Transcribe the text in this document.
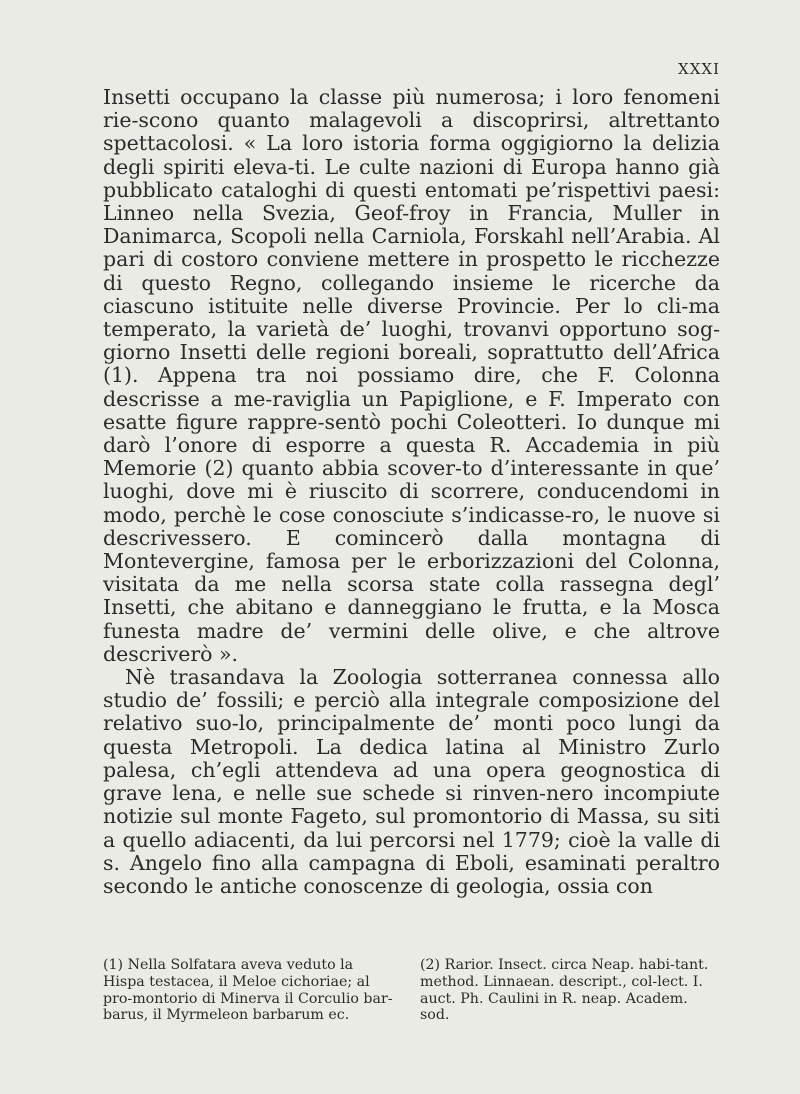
XXXI

Insetti occupano la classe più numerosa; i loro fenomeni rie-scono quanto malagevoli a discoprirsi, altrettanto spettacolosi. « La loro istoria forma oggigiorno la delizia degli spiriti eleva-ti. Le culte nazioni di Europa hanno già pubblicato cataloghi di questi entomati pe’rispettivi paesi: Linneo nella Svezia, Geof-froy in Francia, Muller in Danimarca, Scopoli nella Carniola, Forskahl nell’Arabia. Al pari di costoro conviene mettere in prospetto le ricchezze di questo Regno, collegando insieme le ricerche da ciascuno istituite nelle diverse Provincie. Per lo cli-ma temperato, la varietà de’ luoghi, trovanvi opportuno sog-giorno Insetti delle regioni boreali, soprattutto dell’Africa (1). Appena tra noi possiamo dire, che F. Colonna descrisse a me-raviglia un Papiglione, e F. Imperato con esatte figure rappre-sentò pochi Coleotteri. Io dunque mi darò l’onore di esporre a questa R. Accademia in più Memorie (2) quanto abbia scover-to d’interessante in que’ luoghi, dove mi è riuscito di scorrere, conducendomi in modo, perchè le cose conosciute s’indicasse-ro, le nuove si descrivessero. E comincerò dalla montagna di Montevergine, famosa per le erborizzazioni del Colonna, visitata da me nella scorsa state colla rassegna degl’ Insetti, che abitano e danneggiano le frutta, e la Mosca funesta madre de’ vermini delle olive, e che altrove descriverò ».

Nè trasandava la Zoologia sotterranea connessa allo studio de’ fossili; e perciò alla integrale composizione del relativo suo-lo, principalmente de’ monti poco lungi da questa Metropoli. La dedica latina al Ministro Zurlo palesa, ch’egli attendeva ad una opera geognostica di grave lena, e nelle sue schede si rinven-nero incompiute notizie sul monte Fageto, sul promontorio di Massa, su siti a quello adiacenti, da lui percorsi nel 1779; cioè la valle di s. Angelo fino alla campagna di Eboli, esaminati peraltro secondo le antiche conoscenze di geologia, ossia con

(1) Nella Solfatara aveva veduto la Hispa testacea, il Meloe cichoriae; al pro-montorio di Minerva il Corculio bar-barus, il Myrmeleon barbarum ec.
(2) Rarior. Insect. circa Neap. habi-tant. method. Linnaean. descript., col-lect. I. auct. Ph. Caulini in R. neap. Academ. sod.
